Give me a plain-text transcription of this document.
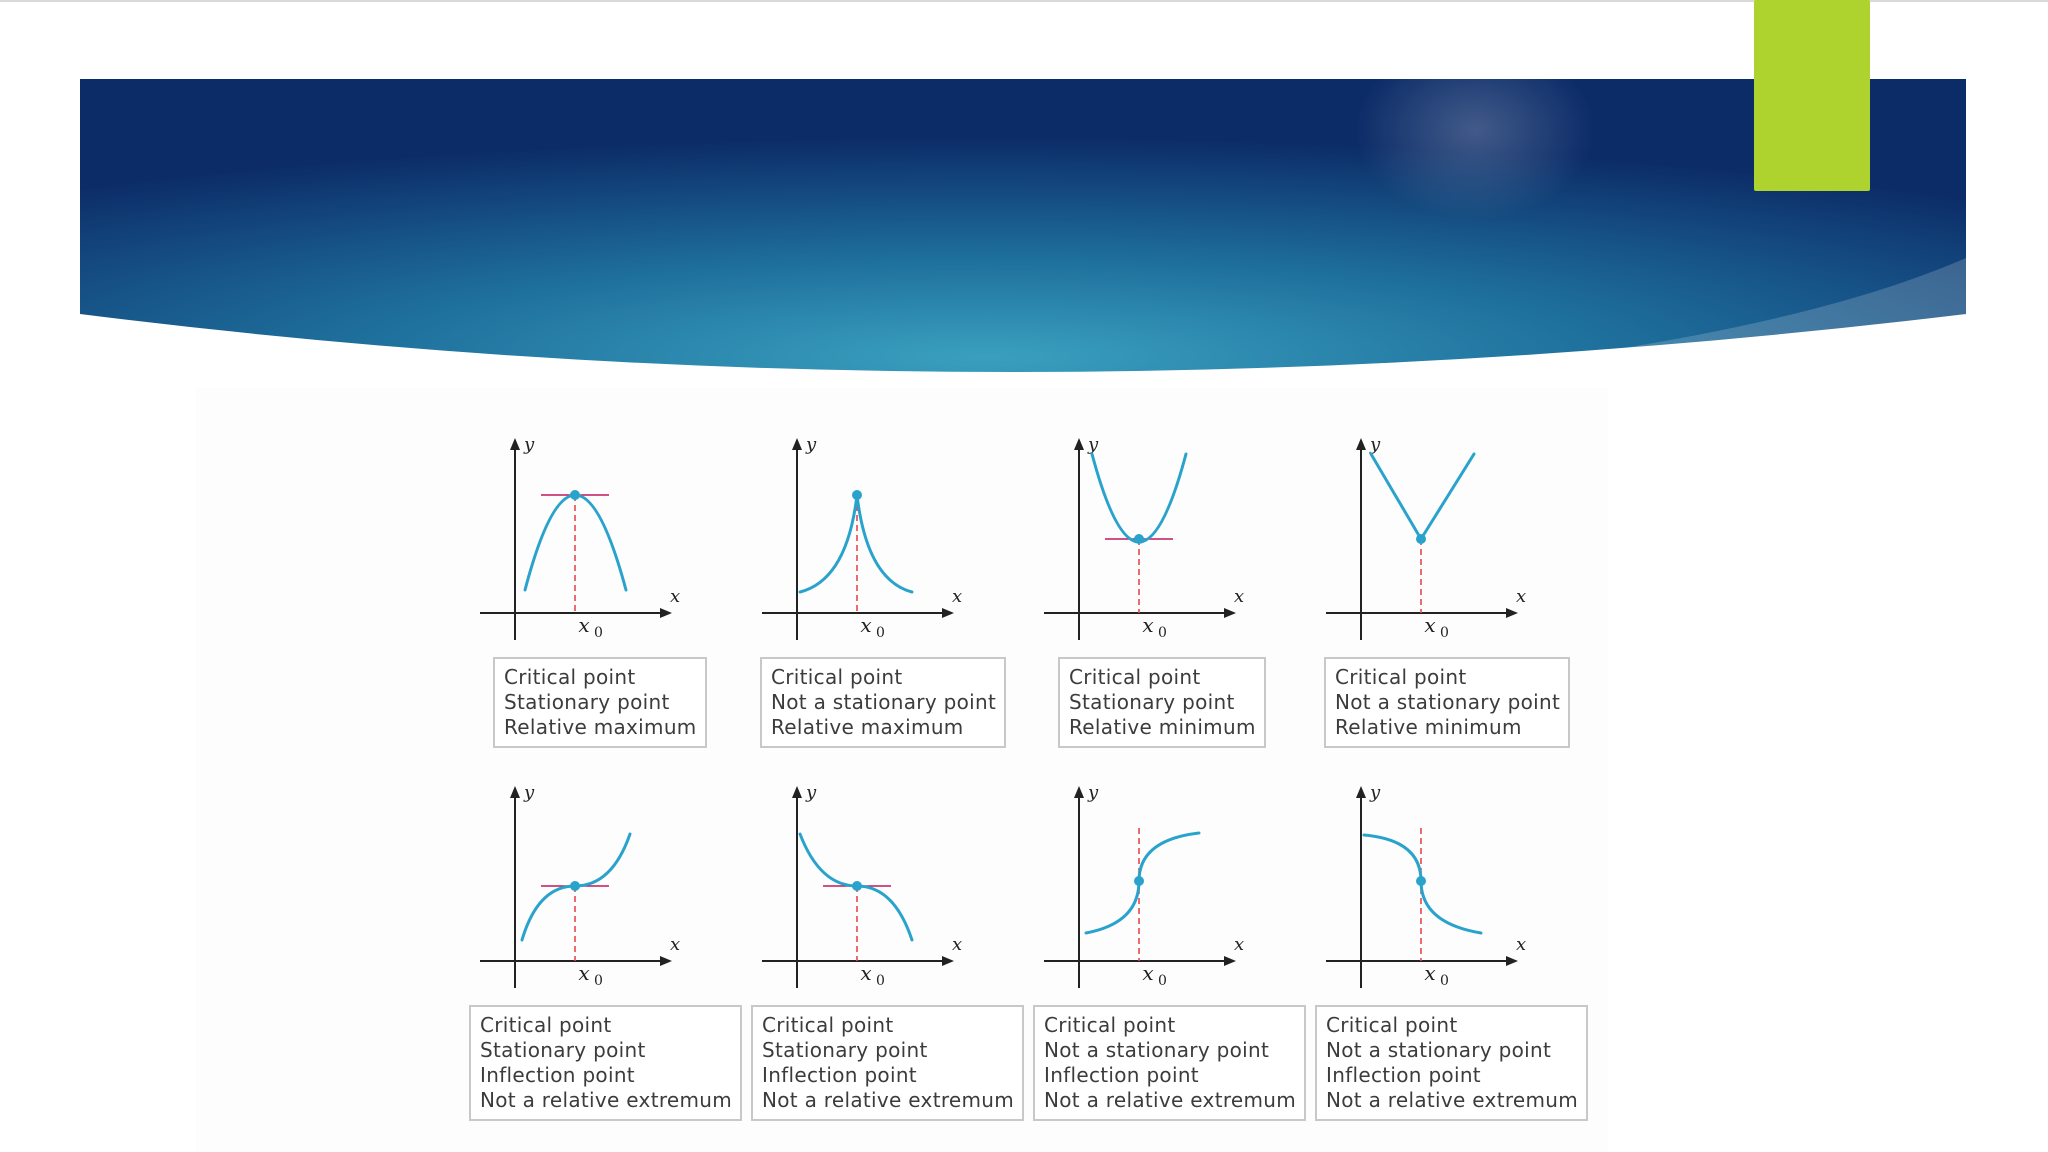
y
x
x 0
Critical point
Stationary point
Relative maximum
y
x
x 0
Critical point
Not a stationary point
Relative maximum
y
x
x 0
Critical point
Stationary point
Relative minimum
y
x
x 0
Critical point
Not a stationary point
Relative minimum
y
x
x 0
Critical point
Stationary point
Inflection point
Not a relative extremum
y
x
x 0
Critical point
Stationary point
Inflection point
Not a relative extremum
y
x
x 0
Critical point
Not a stationary point
Inflection point
Not a relative extremum
y
x
x 0
Critical point
Not a stationary point
Inflection point
Not a relative extremum
